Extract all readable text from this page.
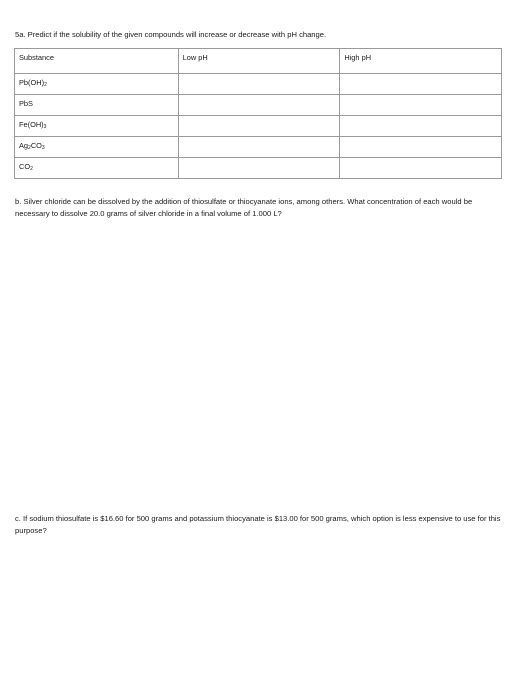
5a. Predict if the solubility of the given compounds will increase or decrease with pH change.
Substance	Low pH	High pH
$Pb(OH)_2$		
PbS		
$Fe(OH)_3$		
$Ag_2CO_3$		
$CO_2$		
b. Silver chloride can be dissolved by the addition of thiosulfate or thiocyanate ions, among others. What concentration of each would be necessary to dissolve 20.0 grams of silver chloride in a final volume of 1.000 L?
c. If sodium thiosulfate is $16.60 for 500 grams and potassium thiocyanate is $13.00 for 500 grams, which option is less expensive to use for this purpose?
